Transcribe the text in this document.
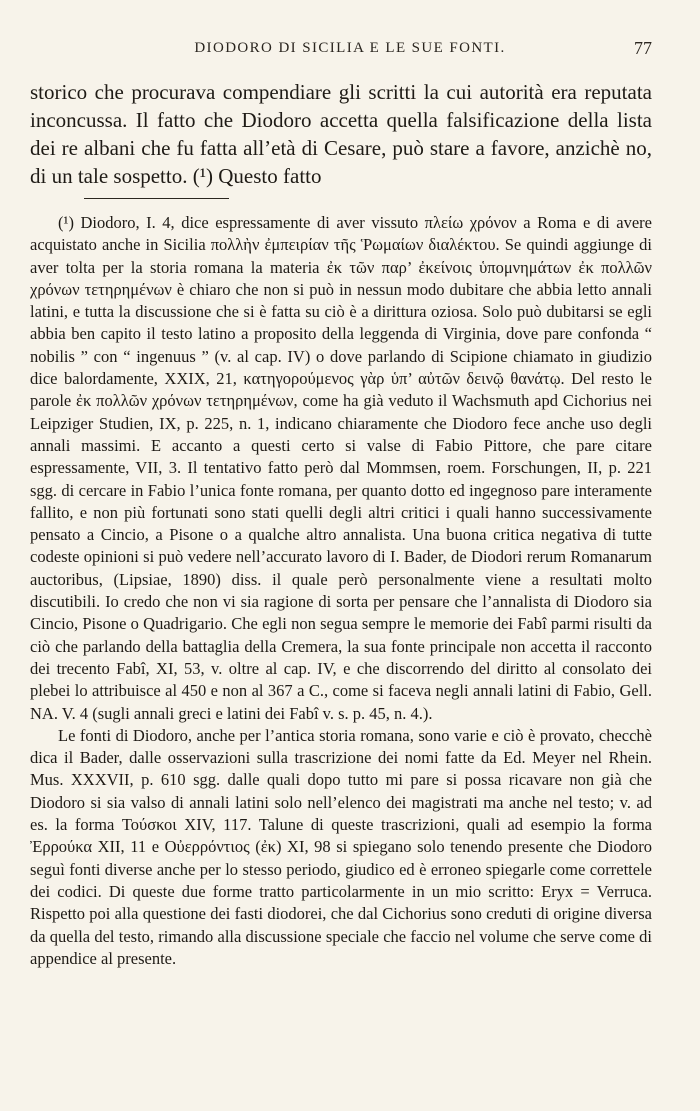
DIODORO DI SICILIA E LE SUE FONTI.	77
storico che procurava compendiare gli scritti la cui autorità era reputata inconcussa. Il fatto che Diodoro accetta quella falsificazione della lista dei re albani che fu fatta all’età di Cesare, può stare a favore, anzichè no, di un tale sospetto. (¹) Questo fatto

(¹) Diodoro, I. 4, dice espressamente di aver vissuto πλείω χρόνον a Roma e di avere acquistato anche in Sicilia πολλὴν ἐμπειρίαν τῆς Ῥωμαίων διαλέκτου. Se quindi aggiunge di aver tolta per la storia romana la materia ἐκ τῶν παρ’ ἐκείνοις ὑπομνημάτων ἐκ πολλῶν χρόνων τετηρημένων è chiaro che non si può in nessun modo dubitare che abbia letto annali latini, e tutta la discussione che si è fatta su ciò è a dirittura oziosa. Solo può dubitarsi se egli abbia ben capito il testo latino a proposito della leggenda di Virginia, dove pare confonda “ nobilis ” con “ ingenuus ” (v. al cap. IV) o dove parlando di Scipione chiamato in giudizio dice balordamente, XXIX, 21, κατηγορούμενος γὰρ ὑπ’ αὐτῶν δεινῷ θανάτῳ. Del resto le parole ἐκ πολλῶν χρόνων τετηρημένων, come ha già veduto il Wachsmuth apd Cichorius nei Leipziger Studien, IX, p. 225, n. 1, indicano chiaramente che Diodoro fece anche uso degli annali massimi. E accanto a questi certo si valse di Fabio Pittore, che pare citare espressamente, VII, 3. Il tentativo fatto però dal Mommsen, roem. Forschungen, II, p. 221 sgg. di cercare in Fabio l’unica fonte romana, per quanto dotto ed ingegnoso pare interamente fallito, e non più fortunati sono stati quelli degli altri critici i quali hanno successivamente pensato a Cincio, a Pisone o a qualche altro annalista. Una buona critica negativa di tutte codeste opinioni si può vedere nell’accurato lavoro di I. Bader, de Diodori rerum Romanarum auctoribus, (Lipsiae, 1890) diss. il quale però personalmente viene a resultati molto discutibili. Io credo che non vi sia ragione di sorta per pensare che l’annalista di Diodoro sia Cincio, Pisone o Quadrigario. Che egli non segua sempre le memorie dei Fabî parmi risulti da ciò che parlando della battaglia della Cremera, la sua fonte principale non accetta il racconto dei trecento Fabî, XI, 53, v. oltre al cap. IV, e che discorrendo del diritto al consolato dei plebei lo attribuisce al 450 e non al 367 a C., come si faceva negli annali latini di Fabio, Gell. NA. V. 4 (sugli annali greci e latini dei Fabî v. s. p. 45, n. 4.).

Le fonti di Diodoro, anche per l’antica storia romana, sono varie e ciò è provato, checchè dica il Bader, dalle osservazioni sulla trascrizione dei nomi fatte da Ed. Meyer nel Rhein. Mus. XXXVII, p. 610 sgg. dalle quali dopo tutto mi pare si possa ricavare non già che Diodoro si sia valso di annali latini solo nell’elenco dei magistrati ma anche nel testo; v. ad es. la forma Τούσκοι XIV, 117. Talune di queste trascrizioni, quali ad esempio la forma Ἐρρούκα XII, 11 e Οὐερρόντιος (ἐκ) XI, 98 si spiegano solo tenendo presente che Diodoro seguì fonti diverse anche per lo stesso periodo, giudico ed è erroneo spiegarle come correttele dei codici. Di queste due forme tratto particolarmente in un mio scritto: Eryx = Verruca. Rispetto poi alla questione dei fasti diodorei, che dal Cichorius sono creduti di origine diversa da quella del testo, rimando alla discussione speciale che faccio nel volume che serve come di appendice al presente.
